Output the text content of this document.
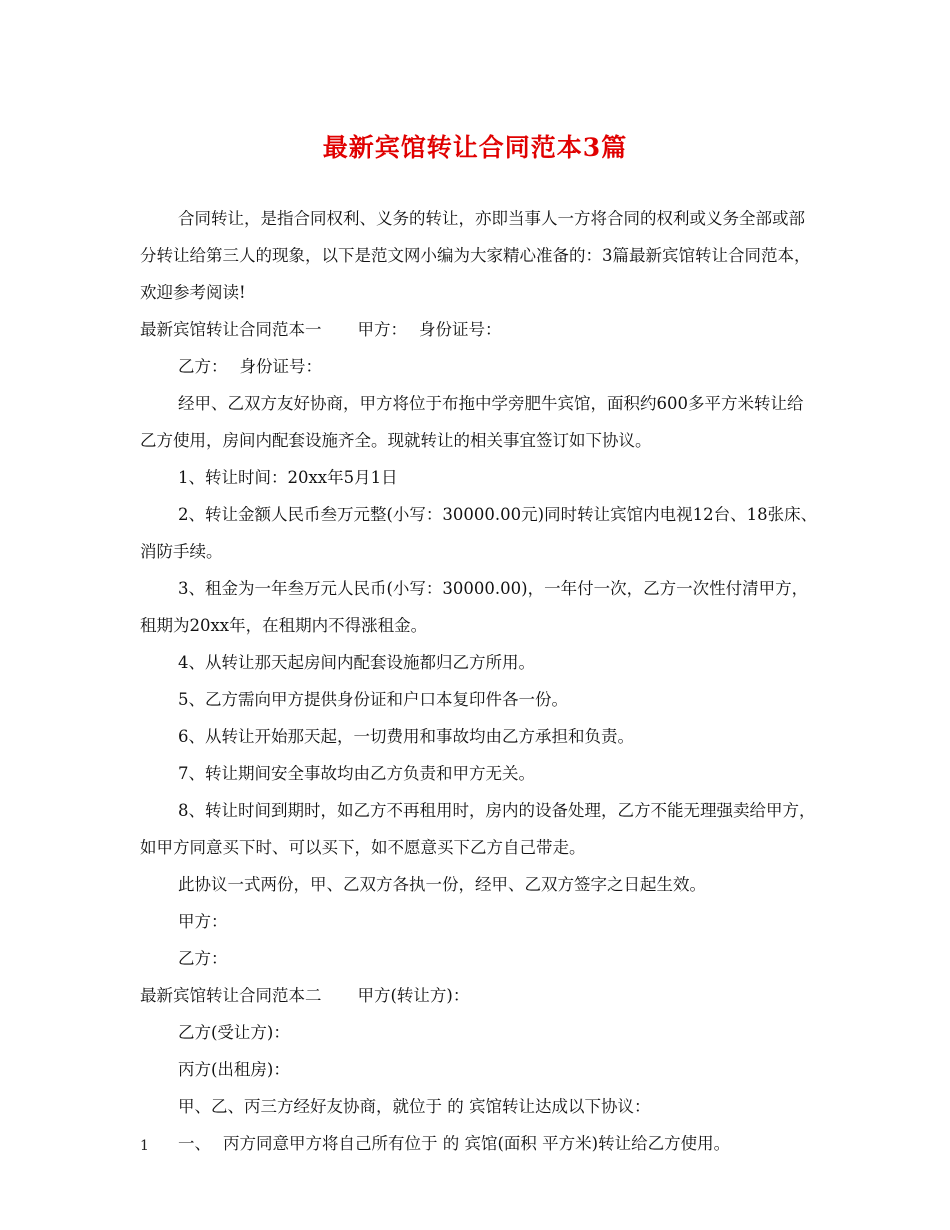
最新宾馆转让合同范本3篇

合同转让，是指合同权利、义务的转让，亦即当事人一方将合同的权利或义务全部或部分转让给第三人的现象，以下是范文网小编为大家精心准备的：3篇最新宾馆转让合同范本，欢迎参考阅读!

最新宾馆转让合同范本一 甲方： 身份证号：

乙方： 身份证号：

经甲、乙双方友好协商，甲方将位于布拖中学旁肥牛宾馆，面积约600多平方米转让给乙方使用，房间内配套设施齐全。现就转让的相关事宜签订如下协议。

1、转让时间：20xx年5月1日

2、转让金额人民币叁万元整(小写：30000.00元)同时转让宾馆内电视12台、18张床、消防手续。

3、租金为一年叁万元人民币(小写：30000.00)，一年付一次，乙方一次性付清甲方，租期为20xx年，在租期内不得涨租金。

4、从转让那天起房间内配套设施都归乙方所用。

5、乙方需向甲方提供身份证和户口本复印件各一份。

6、从转让开始那天起，一切费用和事故均由乙方承担和负责。

7、转让期间安全事故均由乙方负责和甲方无关。

8、转让时间到期时，如乙方不再租用时，房内的设备处理，乙方不能无理强卖给甲方，如甲方同意买下时、可以买下，如不愿意买下乙方自己带走。

此协议一式两份，甲、乙双方各执一份，经甲、乙双方签字之日起生效。

甲方：

乙方：

最新宾馆转让合同范本二 甲方(转让方)：

乙方(受让方)：

丙方(出租房)：

甲、乙、丙三方经好友协商，就位于 的 宾馆转让达成以下协议：

一、 丙方同意甲方将自己所有位于 的 宾馆(面积 平方米)转让给乙方使用。

1
